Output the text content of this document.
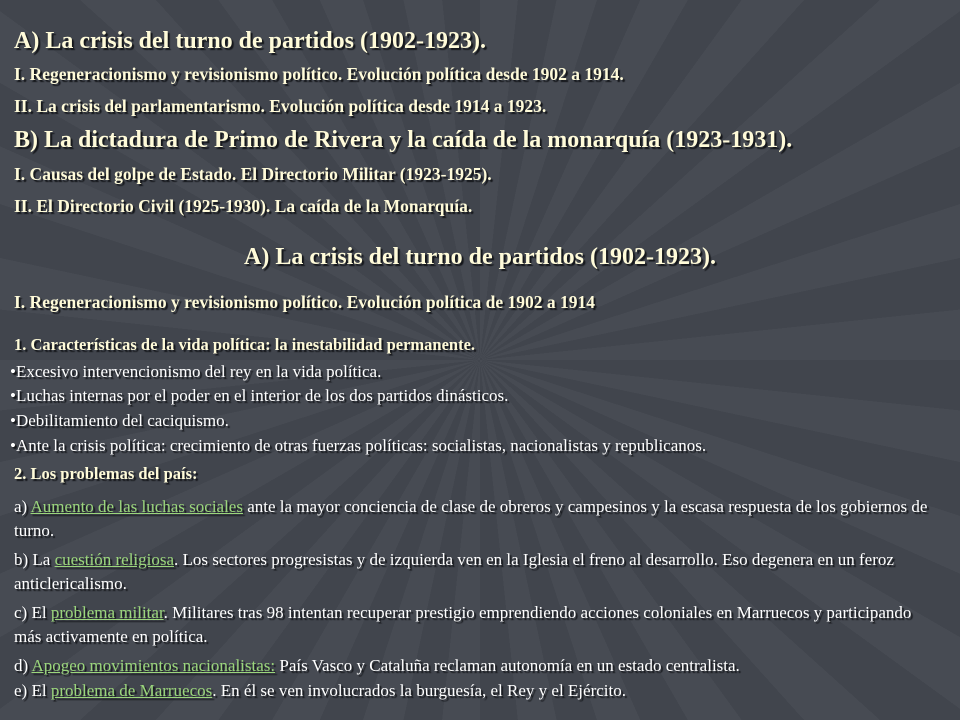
A) La crisis del turno de partidos (1902-1923).

I. Regeneracionismo y revisionismo político. Evolución política desde 1902 a 1914.

II. La crisis del parlamentarismo. Evolución política desde 1914 a 1923.

B) La dictadura de Primo de Rivera y la caída de la monarquía (1923-1931).

I. Causas del golpe de Estado. El Directorio Militar (1923-1925).

II. El Directorio Civil (1925-1930). La caída de la Monarquía.

A) La crisis del turno de partidos (1902-1923).

I. Regeneracionismo y revisionismo político. Evolución política de 1902 a 1914

1. Características de la vida política: la inestabilidad permanente.

• Excesivo intervencionismo del rey en la vida política.

• Luchas internas por el poder en el interior de los dos partidos dinásticos.

• Debilitamiento del caciquismo.

• Ante la crisis política: crecimiento de otras fuerzas políticas: socialistas, nacionalistas y republicanos.

2. Los problemas del país:

a) Aumento de las luchas sociales ante la mayor conciencia de clase de obreros y campesinos y la escasa respuesta de los gobiernos de turno.

b) La cuestión religiosa. Los sectores progresistas y de izquierda ven en la Iglesia el freno al desarrollo. Eso degenera en un feroz anticlericalismo.

c) El problema militar. Militares tras 98 intentan recuperar prestigio emprendiendo acciones coloniales en Marruecos y participando más activamente en política.

d) Apogeo movimientos nacionalistas: País Vasco y Cataluña reclaman autonomía en un estado centralista.

e) El problema de Marruecos. En él se ven involucrados la burguesía, el Rey y el Ejército.
